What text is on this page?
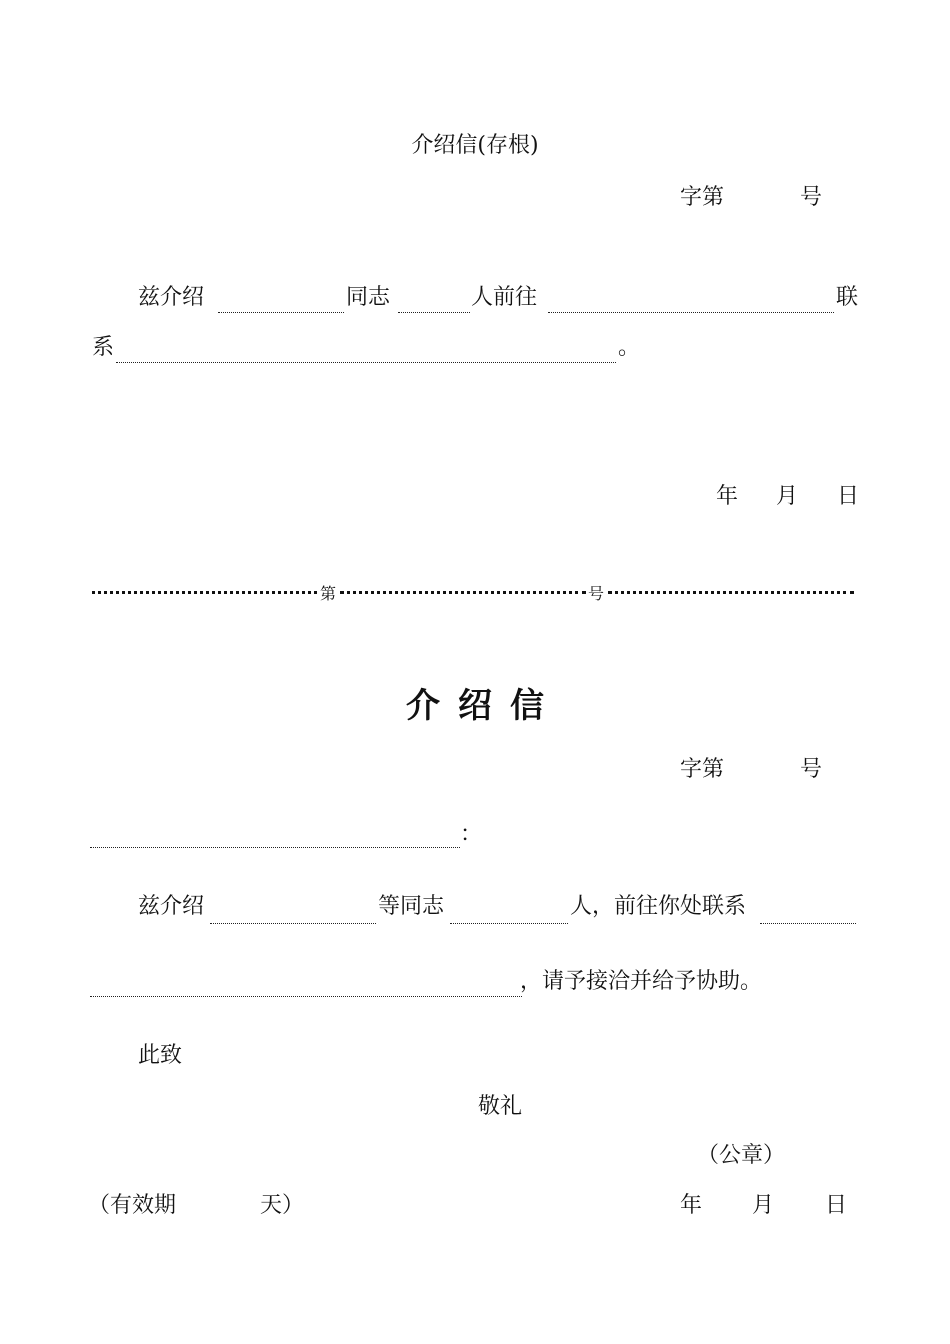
介绍信(存根)
字第	号
兹介绍	同志	人前往	联
系	。
年 月 日
第	号
介绍信
字第	号
：
兹介绍	等同志	人，前往你处联系
，请予接洽并给予协助。
此致
敬礼
（公章）
（有效期	天）	年 月 日
